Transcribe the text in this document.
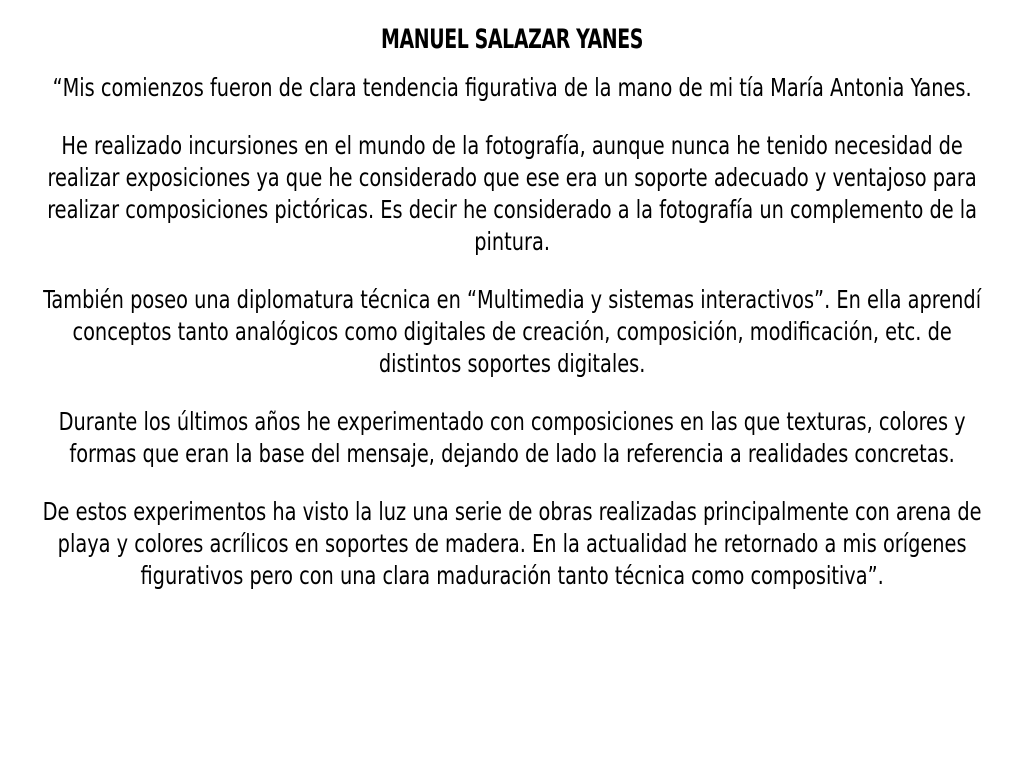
MANUEL SALAZAR YANES

“Mis comienzos fueron de clara tendencia figurativa de la mano de mi tía María Antonia Yanes.

He realizado incursiones en el mundo de la fotografía, aunque nunca he tenido necesidad de realizar exposiciones ya que he considerado que ese era un soporte adecuado y ventajoso para realizar composiciones pictóricas. Es decir he considerado a la fotografía un complemento de la pintura.

También poseo una diplomatura técnica en “Multimedia y sistemas interactivos”. En ella aprendí conceptos tanto analógicos como digitales de creación, composición, modificación, etc. de distintos soportes digitales.

Durante los últimos años he experimentado con composiciones en las que texturas, colores y formas que eran la base del mensaje, dejando de lado la referencia a realidades concretas.

De estos experimentos ha visto la luz una serie de obras realizadas principalmente con arena de playa y colores acrílicos en soportes de madera. En la actualidad he retornado a mis orígenes figurativos pero con una clara maduración tanto técnica como compositiva”.
